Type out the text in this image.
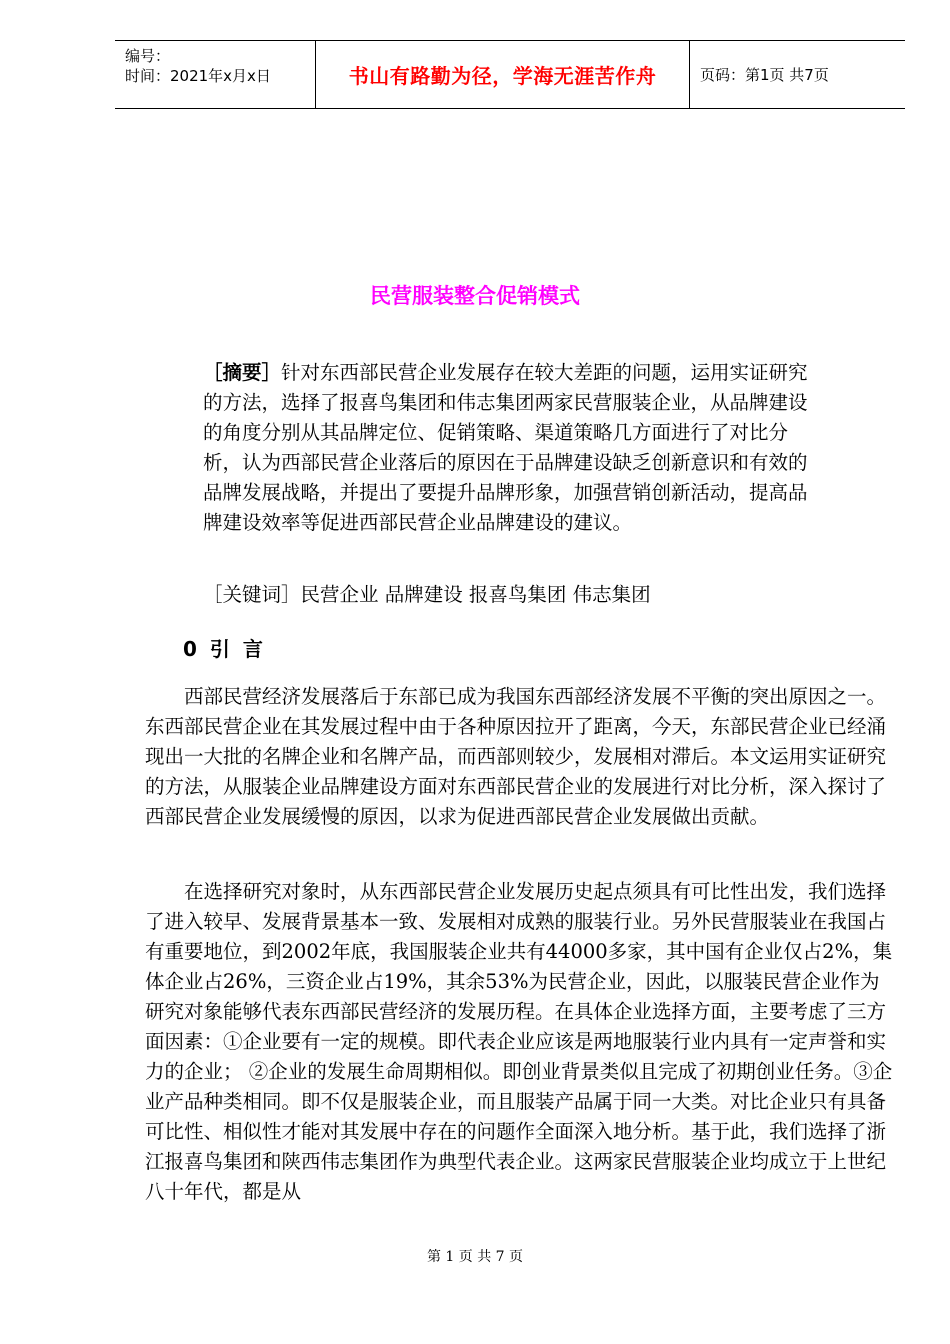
编号：
时间：2021年x月x日	书山有路勤为径，学海无涯苦作舟	页码：第1页 共7页
民营服装整合促销模式
［摘要］针对东西部民营企业发展存在较大差距的问题，运用实证研究的方法，选择了报喜鸟集团和伟志集团两家民营服装企业，从品牌建设的角度分别从其品牌定位、促销策略、渠道策略几方面进行了对比分析，认为西部民营企业落后的原因在于品牌建设缺乏创新意识和有效的品牌发展战略，并提出了要提升品牌形象，加强营销创新活动，提高品牌建设效率等促进西部民营企业品牌建设的建议。
［关键词］民营企业 品牌建设 报喜鸟集团 伟志集团
0 引 言
西部民营经济发展落后于东部已成为我国东西部经济发展不平衡的突出原因之一。东西部民营企业在其发展过程中由于各种原因拉开了距离，今天，东部民营企业已经涌现出一大批的名牌企业和名牌产品，而西部则较少，发展相对滞后。本文运用实证研究的方法，从服装企业品牌建设方面对东西部民营企业的发展进行对比分析，深入探讨了西部民营企业发展缓慢的原因，以求为促进西部民营企业发展做出贡献。
在选择研究对象时，从东西部民营企业发展历史起点须具有可比性出发，我们选择了进入较早、发展背景基本一致、发展相对成熟的服装行业。另外民营服装业在我国占有重要地位，到2002年底，我国服装企业共有44000多家，其中国有企业仅占2%，集体企业占26%，三资企业占19%，其余53%为民营企业，因此，以服装民营企业作为研究对象能够代表东西部民营经济的发展历程。在具体企业选择方面，主要考虑了三方面因素：①企业要有一定的规模。即代表企业应该是两地服装行业内具有一定声誉和实力的企业； ②企业的发展生命周期相似。即创业背景类似且完成了初期创业任务。③企业产品种类相同。即不仅是服装企业，而且服装产品属于同一大类。对比企业只有具备可比性、相似性才能对其发展中存在的问题作全面深入地分析。基于此，我们选择了浙江报喜鸟集团和陕西伟志集团作为典型代表企业。这两家民营服装企业均成立于上世纪八十年代，都是从
第 1 页 共 7 页
